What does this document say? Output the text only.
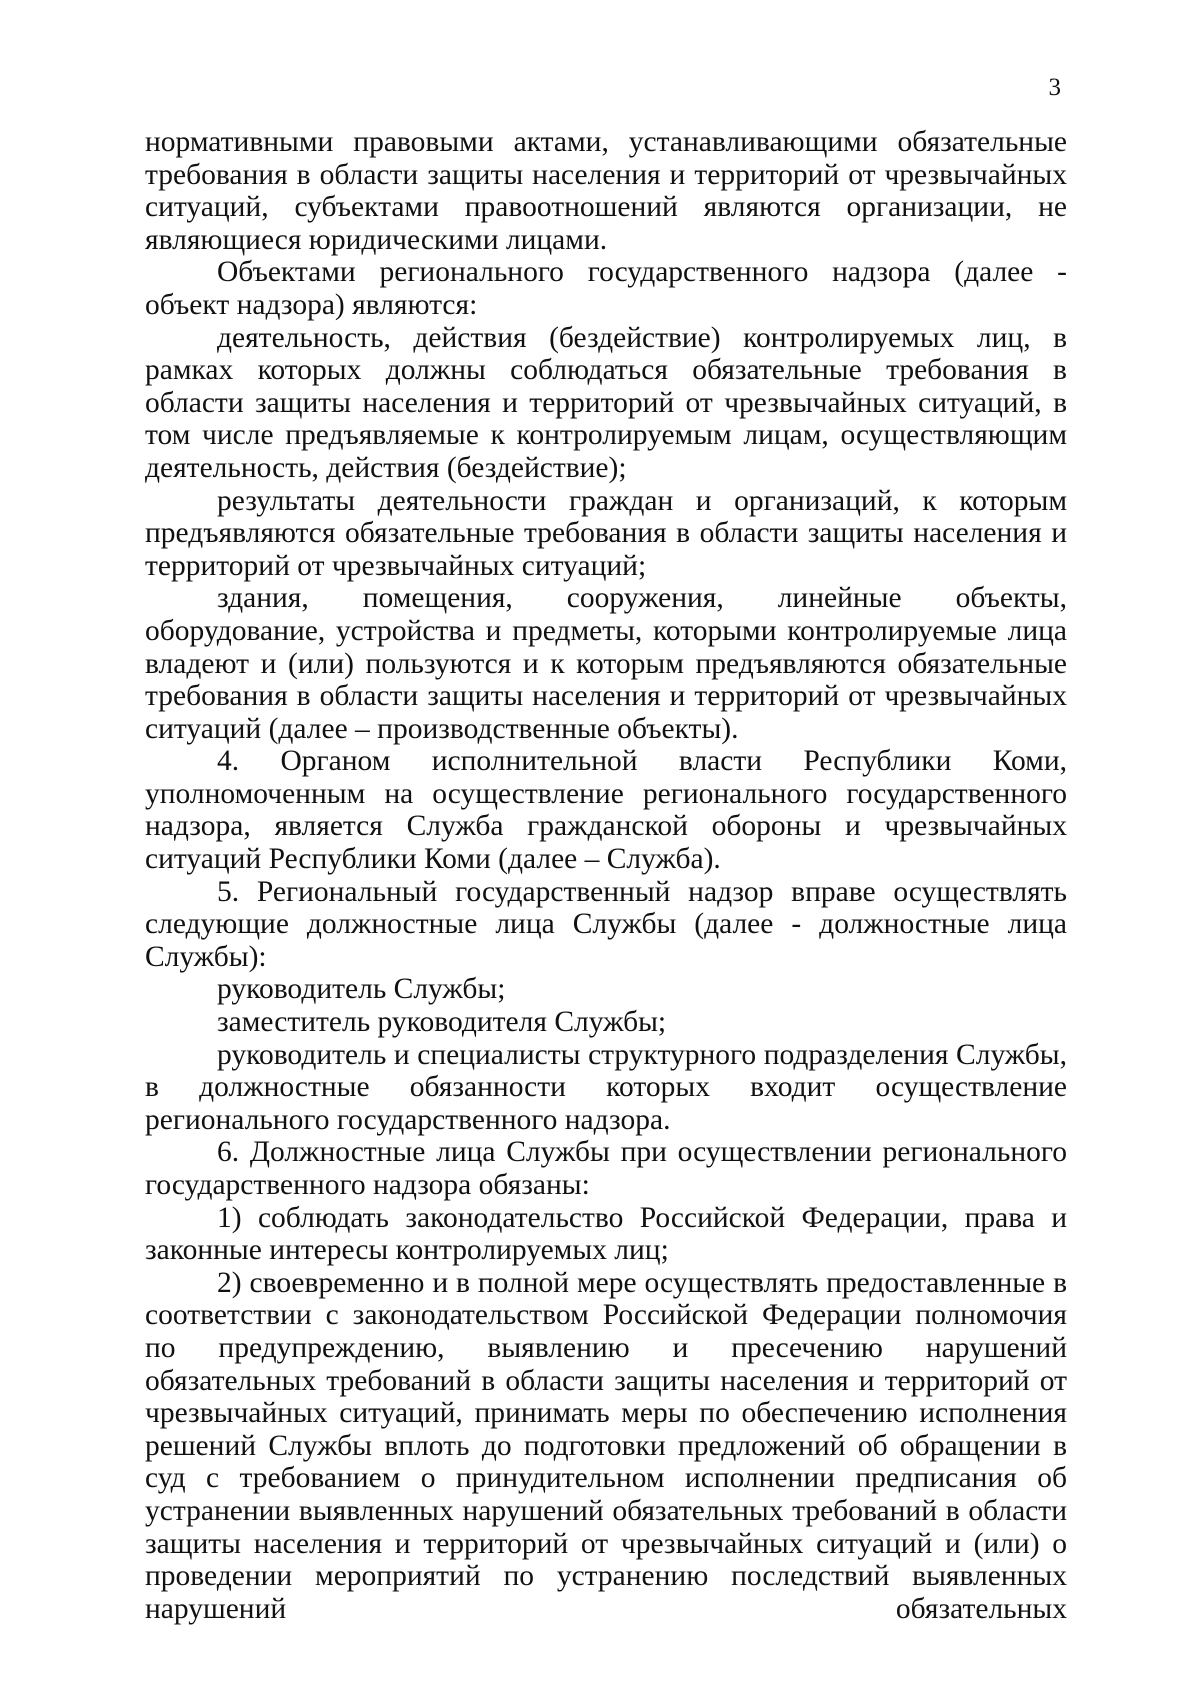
3

нормативными правовыми актами, устанавливающими обязательные требования в области защиты населения и территорий от чрезвычайных ситуаций, субъектами правоотношений являются организации, не являющиеся юридическими лицами.

Объектами регионального государственного надзора (далее - объект надзора) являются:

деятельность, действия (бездействие) контролируемых лиц, в рамках которых должны соблюдаться обязательные требования в области защиты населения и территорий от чрезвычайных ситуаций, в том числе предъявляемые к контролируемым лицам, осуществляющим деятельность, действия (бездействие);

результаты деятельности граждан и организаций, к которым предъявляются обязательные требования в области защиты населения и территорий от чрезвычайных ситуаций;

здания, помещения, сооружения, линейные объекты, оборудование, устройства и предметы, которыми контролируемые лица владеют и (или) пользуются и к которым предъявляются обязательные требования в области защиты населения и территорий от чрезвычайных ситуаций (далее – производственные объекты).

4. Органом исполнительной власти Республики Коми, уполномоченным на осуществление регионального государственного надзора, является Служба гражданской обороны и чрезвычайных ситуаций Республики Коми (далее – Служба).

5. Региональный государственный надзор вправе осуществлять следующие должностные лица Службы (далее - должностные лица Службы):

руководитель Службы;

заместитель руководителя Службы;

руководитель и специалисты структурного подразделения Службы, в должностные обязанности которых входит осуществление регионального государственного надзора.

6. Должностные лица Службы при осуществлении регионального государственного надзора обязаны:

1) соблюдать законодательство Российской Федерации, права и законные интересы контролируемых лиц;

2) своевременно и в полной мере осуществлять предоставленные в соответствии с законодательством Российской Федерации полномочия по предупреждению, выявлению и пресечению нарушений обязательных требований в области защиты населения и территорий от чрезвычайных ситуаций, принимать меры по обеспечению исполнения решений Службы вплоть до подготовки предложений об обращении в суд с требованием о принудительном исполнении предписания об устранении выявленных нарушений обязательных требований в области защиты населения и территорий от чрезвычайных ситуаций и (или) о проведении мероприятий по устранению последствий выявленных нарушений обязательных
